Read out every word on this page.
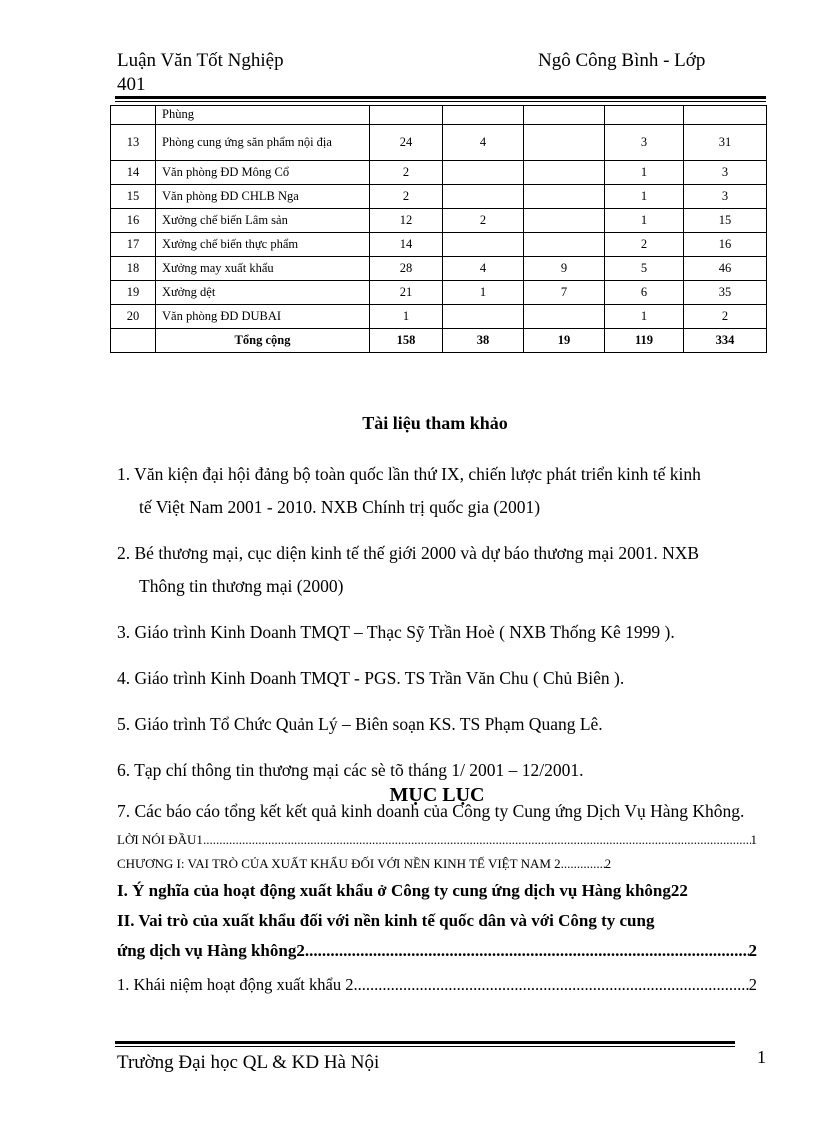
Luận Văn Tốt Nghiệp	Ngô Công Bình - Lớp
401
	Phùng					
13	Phòng cung ứng săn phẩm nội địa	24	4		3	31
14	Văn phòng ĐD Mông Cổ	2			1	3
15	Văn phòng ĐD CHLB Nga	2			1	3
16	Xưởng chế biến Lâm sản	12	2		1	15
17	Xưởng chế biến thực phẩm	14			2	16
18	Xưởng may xuất khẩu	28	4	9	5	46
19	Xưởng dệt	21	1	7	6	35
20	Văn phòng ĐD DUBAI	1			1	2
	Tổng cộng	158	38	19	119	334
Tài liệu tham khảo
1. Văn kiện đại hội đảng bộ toàn quốc lần thứ IX, chiến lược phát triển kinh tế kinh
tế Việt Nam 2001 - 2010. NXB Chính trị quốc gia (2001)
2. Bé thương mại, cục diện kinh tế thế giới 2000 và dự báo thương mại 2001. NXB
Thông tin thương mại (2000)
3. Giáo trình Kinh Doanh TMQT – Thạc Sỹ Trần Hoè ( NXB Thống Kê 1999 ).
4. Giáo trình Kinh Doanh TMQT - PGS. TS Trần Văn Chu ( Chủ Biên ).
5. Giáo trình Tổ Chức Quản Lý – Biên soạn KS. TS Phạm Quang Lê.
6. Tạp chí thông tin thương mại các sè tõ tháng 1/ 2001 – 12/2001.
7. Các báo cáo tổng kết kết quả kinh doanh của Công ty Cung ứng Dịch Vụ Hàng Không.
MỤC LỤC
LỜI NÓI ĐẦU1 .....	1
CHƯƠNG I: VAI TRÒ CỦA XUẤT KHẨU ĐỐI VỚI NỀN KINH TẾ VIỆT NAM 2 .....	2
I. Ý nghĩa của hoạt động xuất khẩu ở Công ty cung ứng dịch vụ Hàng không22
II. Vai trò của xuất khẩu đối với nền kinh tế quốc dân và với Công ty cung
ứng dịch vụ Hàng không2 .....	2
1. Khái niệm hoạt động xuất khẩu 2 .....	2
Trường Đại học QL & KD Hà Nội	1
